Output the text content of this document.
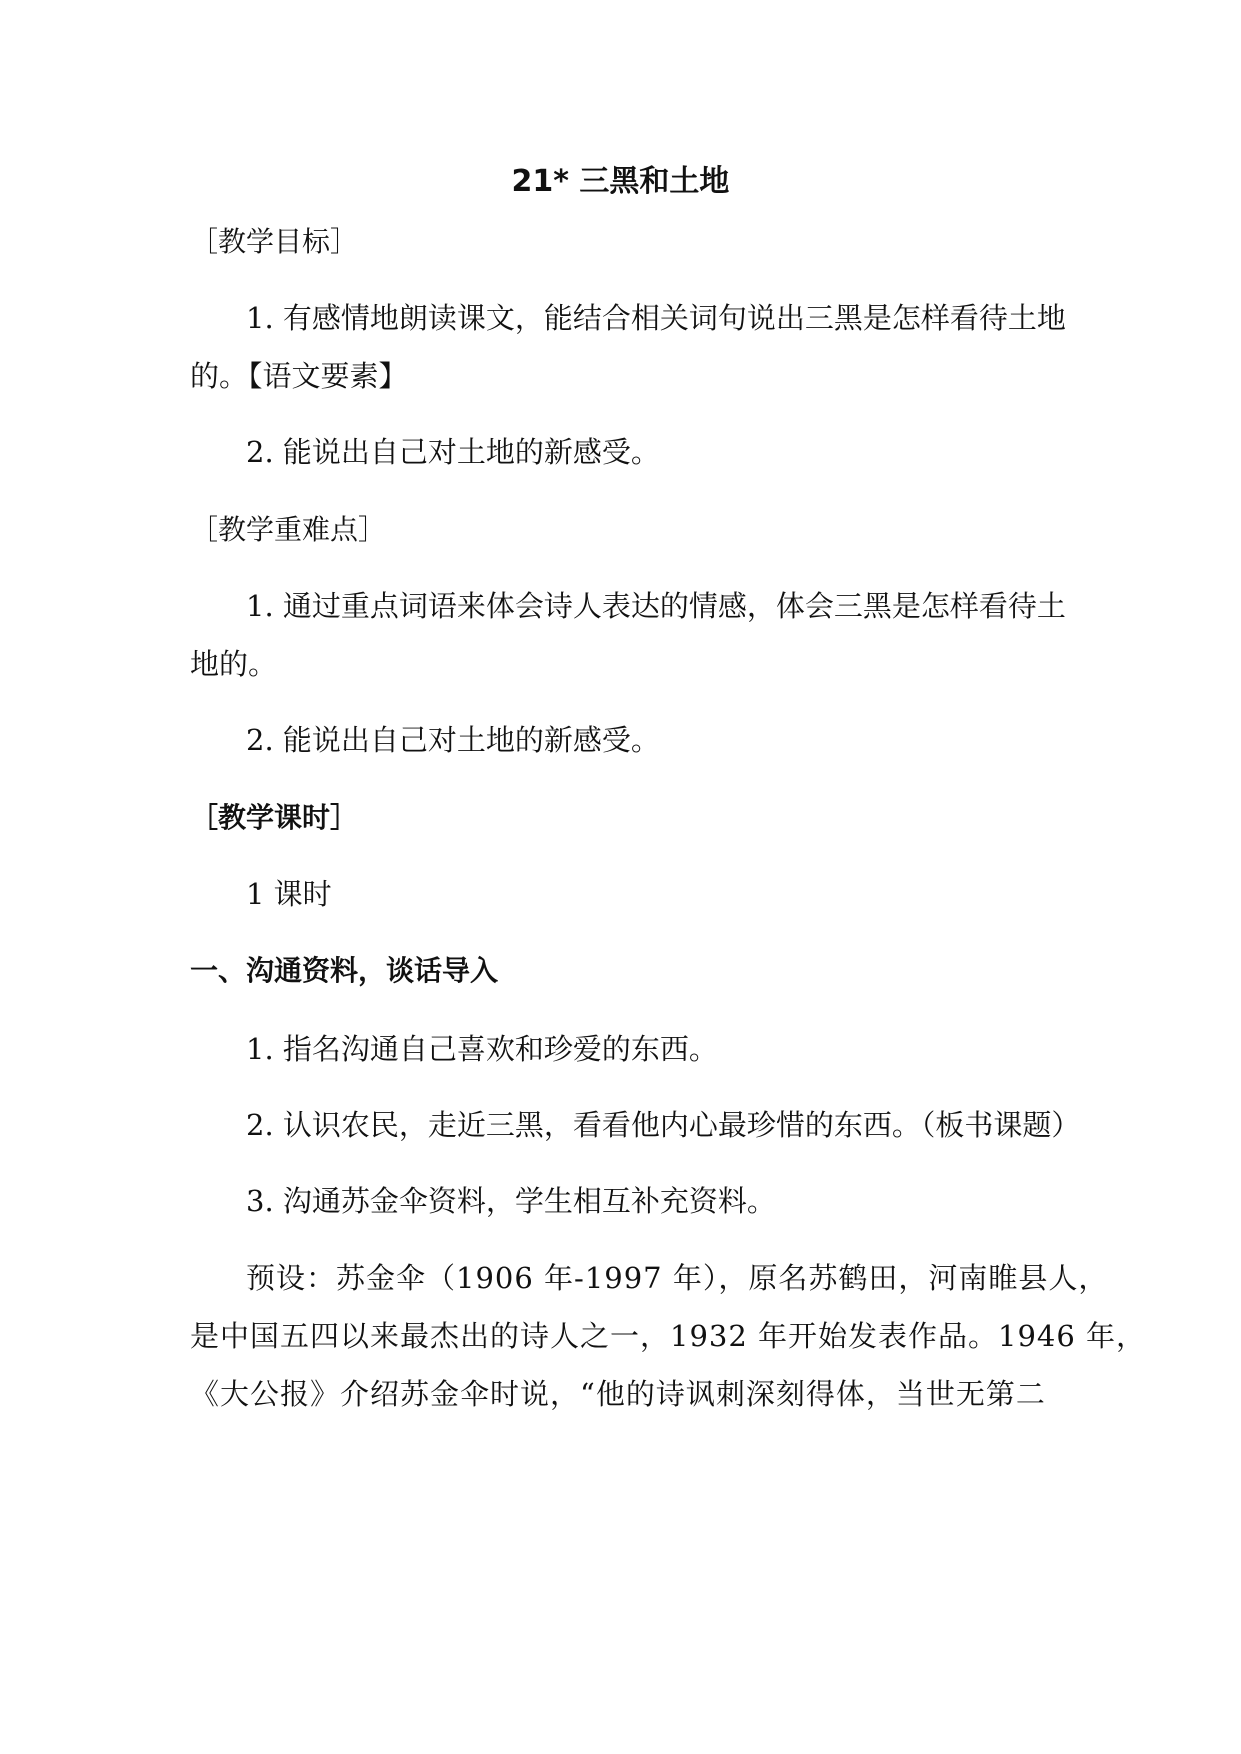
21* 三黑和土地
［教学目标］
1. 有感情地朗读课文，能结合相关词句说出三黑是怎样看待土地
的。【语文要素】
2. 能说出自己对土地的新感受。
［教学重难点］
1. 通过重点词语来体会诗人表达的情感，体会三黑是怎样看待土
地的。
2. 能说出自己对土地的新感受。
［教学课时］
1 课时
一、沟通资料，谈话导入
1. 指名沟通自己喜欢和珍爱的东西。
2. 认识农民，走近三黑，看看他内心最珍惜的东西。（板书课题）
3. 沟通苏金伞资料，学生相互补充资料。
预设：苏金伞（1906 年-1997 年），原名苏鹤田，河南睢县人，
是中国五四以来最杰出的诗人之一，1932 年开始发表作品。1946 年，
《大公报》介绍苏金伞时说，“他的诗讽刺深刻得体，当世无第二
